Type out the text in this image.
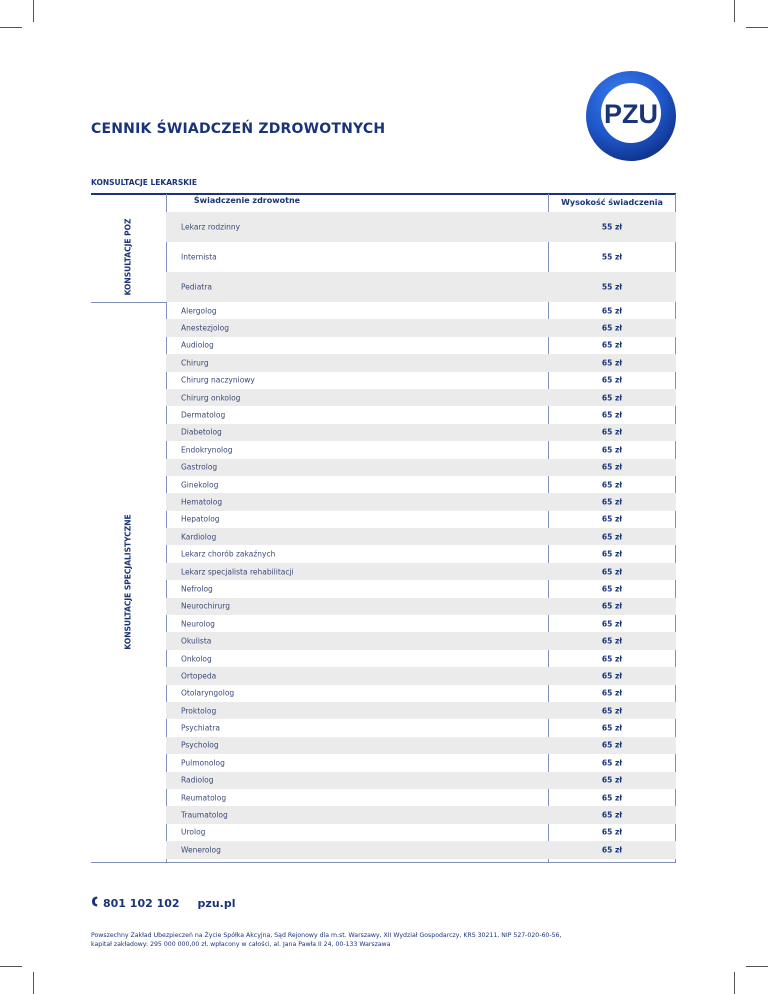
CENNIK ŚWIADCZEŃ ZDROWOTNYCH	PZU
KONSULTACJE LEKARSKIE
Świadczenie zdrowotne	Wysokość świadczenia
KONSULTACJE POZ
KONSULTACJE SPECJALISTYCZNE
Lekarz rodzinny	55 zł
Internista	55 zł
Pediatra	55 zł
Alergolog	65 zł
Anestezjolog	65 zł
Audiolog	65 zł
Chirurg	65 zł
Chirurg naczyniowy	65 zł
Chirurg onkolog	65 zł
Dermatolog	65 zł
Diabetolog	65 zł
Endokrynolog	65 zł
Gastrolog	65 zł
Ginekolog	65 zł
Hematolog	65 zł
Hepatolog	65 zł
Kardiolog	65 zł
Lekarz chorób zakaźnych	65 zł
Lekarz specjalista rehabilitacji	65 zł
Nefrolog	65 zł
Neurochirurg	65 zł
Neurolog	65 zł
Okulista	65 zł
Onkolog	65 zł
Ortopeda	65 zł
Otolaryngolog	65 zł
Proktolog	65 zł
Psychiatra	65 zł
Psycholog	65 zł
Pulmonolog	65 zł
Radiolog	65 zł
Reumatolog	65 zł
Traumatolog	65 zł
Urolog	65 zł
Wenerolog	65 zł
801 102 102 pzu.pl
Powszechny Zakład Ubezpieczeń na Życie Spółka Akcyjna, Sąd Rejonowy dla m.st. Warszawy, XII Wydział Gospodarczy, KRS 30211, NIP 527-020-60-56,
kapitał zakładowy: 295 000 000,00 zł, wpłacony w całości, al. Jana Pawła II 24, 00-133 Warszawa
